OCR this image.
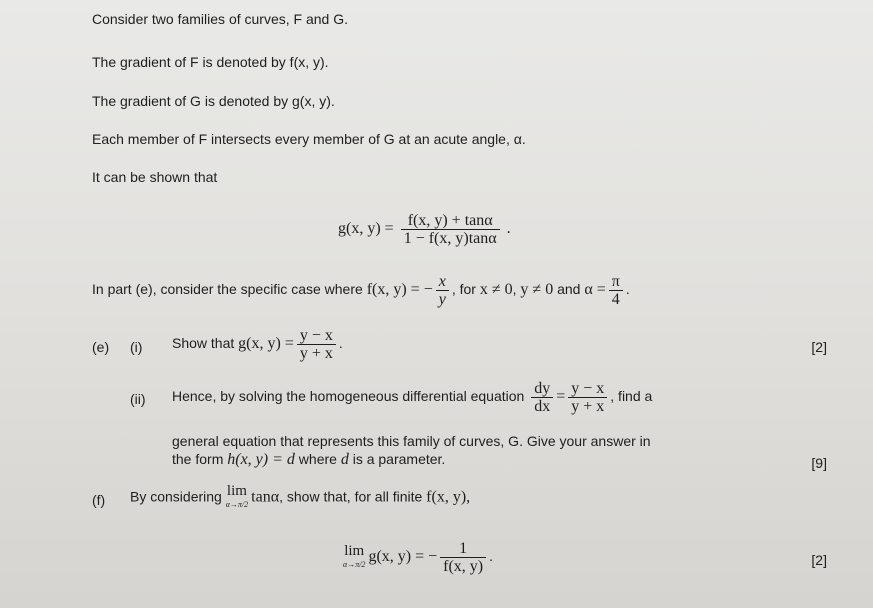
Consider two families of curves, F and G.
The gradient of F is denoted by f(x, y).
The gradient of G is denoted by g(x, y).
Each member of F intersects every member of G at an acute angle, α.
It can be shown that
g(x, $y) = \frac{f(x, y) + \tan\alpha}{1 - f(x, y)\tan\alpha}$ .
In part (e), consider the specific case where f(x, y) = − $\frac{x}{y}$ , for x ≠ 0, y ≠ 0 and $\alpha = \frac{\pi}{4}$ .
(e) (i) Show that g(x, $y) = \frac{y - x}{y + x}$ .	[2]
(ii) Hence, by solving the homogeneous differential equation $\frac{dy}{dx} = \frac{y - x}{y + x}$ , find a
general equation that represents this family of curves, G. Give your answer in
the form h(x, y) = d where d is a parameter.	[9]
(f) By considering lim
α→π/2 tanα, show that, for all finite f(x, y),
lim
α→π/2 g(x, y) = − $\frac{1}{f(x, y)}$ .	[2]
